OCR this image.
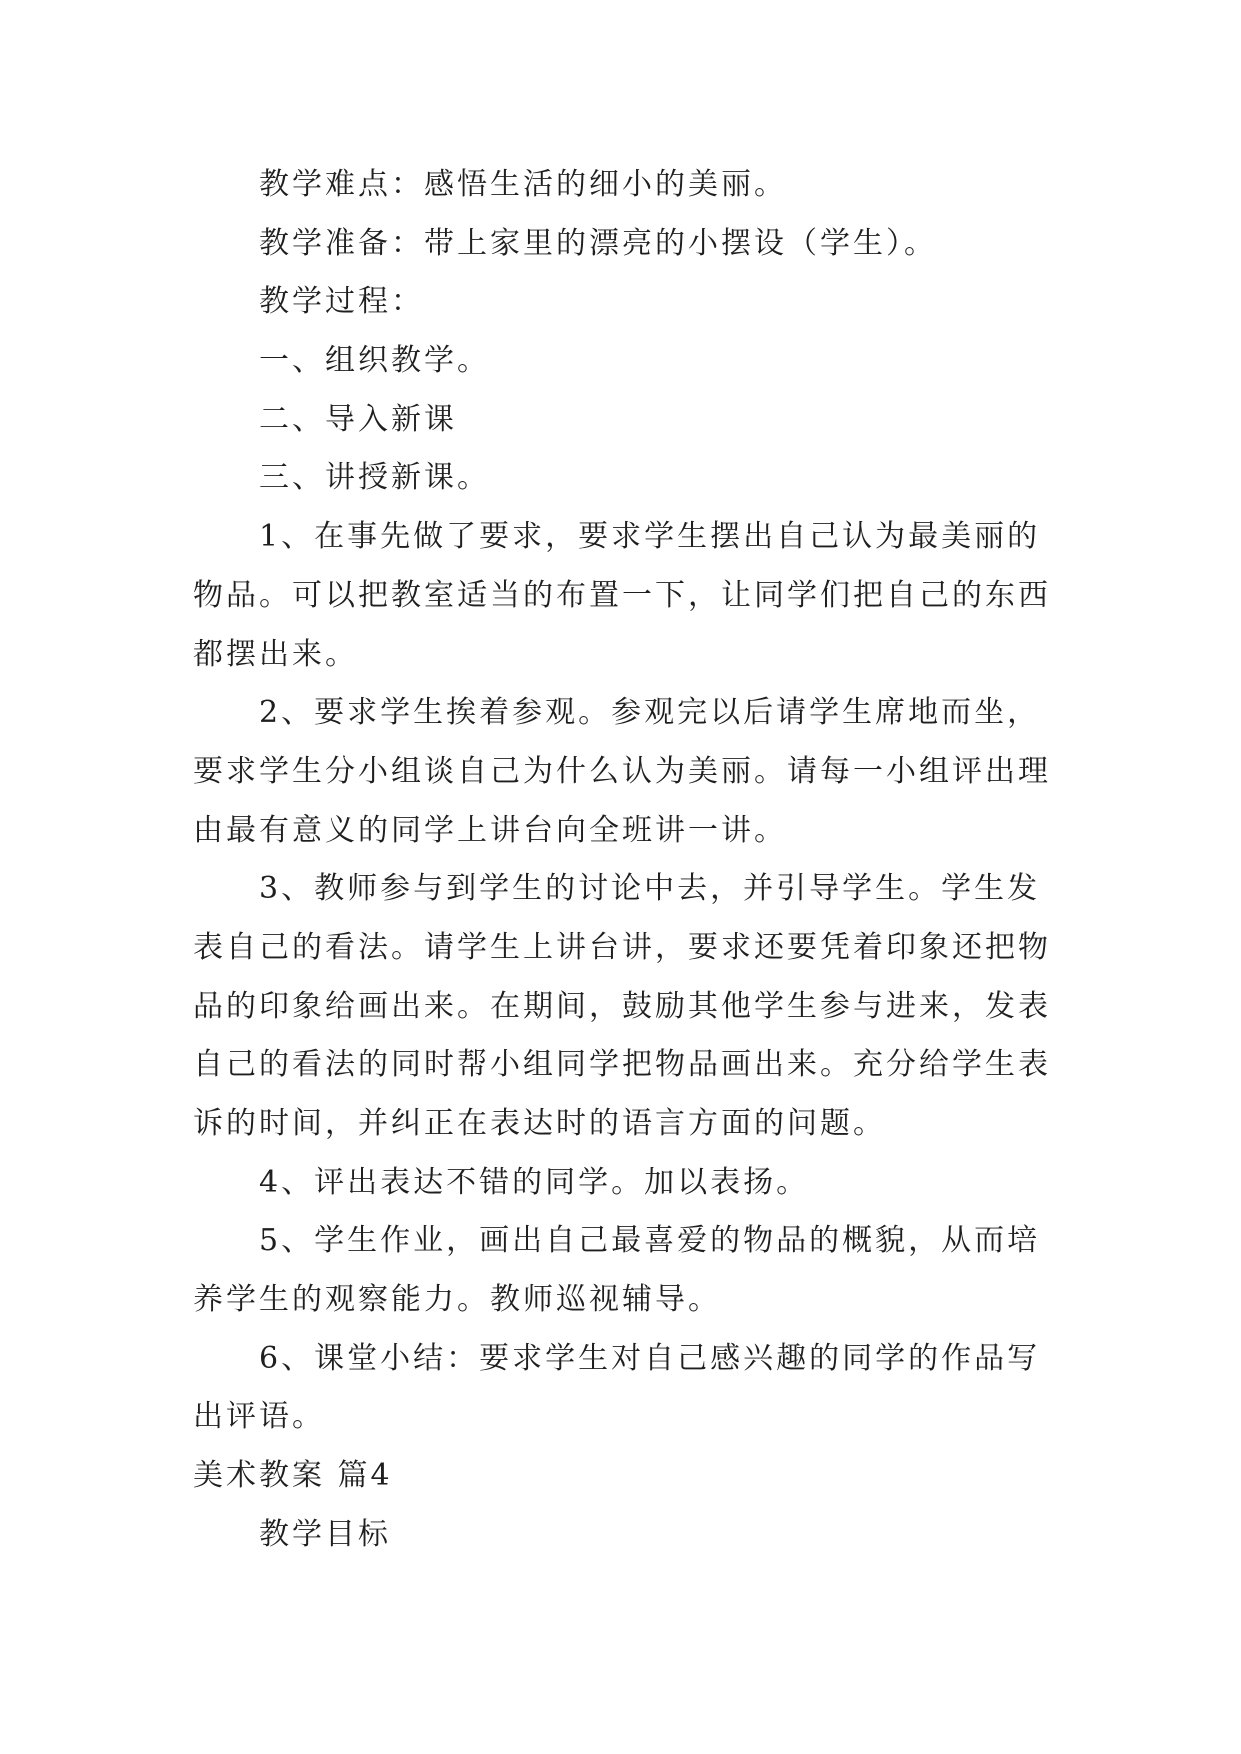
教学难点：感悟生活的细小的美丽。
教学准备：带上家里的漂亮的小摆设（学生）。
教学过程：
一、组织教学。
二、导入新课
三、讲授新课。
1、在事先做了要求，要求学生摆出自己认为最美丽的
物品。可以把教室适当的布置一下，让同学们把自己的东西
都摆出来。
2、要求学生挨着参观。参观完以后请学生席地而坐，
要求学生分小组谈自己为什么认为美丽。请每一小组评出理
由最有意义的同学上讲台向全班讲一讲。
3、教师参与到学生的讨论中去，并引导学生。学生发
表自己的看法。请学生上讲台讲，要求还要凭着印象还把物
品的印象给画出来。在期间，鼓励其他学生参与进来，发表
自己的看法的同时帮小组同学把物品画出来。充分给学生表
诉的时间，并纠正在表达时的语言方面的问题。
4、评出表达不错的同学。加以表扬。
5、学生作业，画出自己最喜爱的物品的概貌，从而培
养学生的观察能力。教师巡视辅导。
6、课堂小结：要求学生对自己感兴趣的同学的作品写
出评语。
美术教案 篇4
教学目标
